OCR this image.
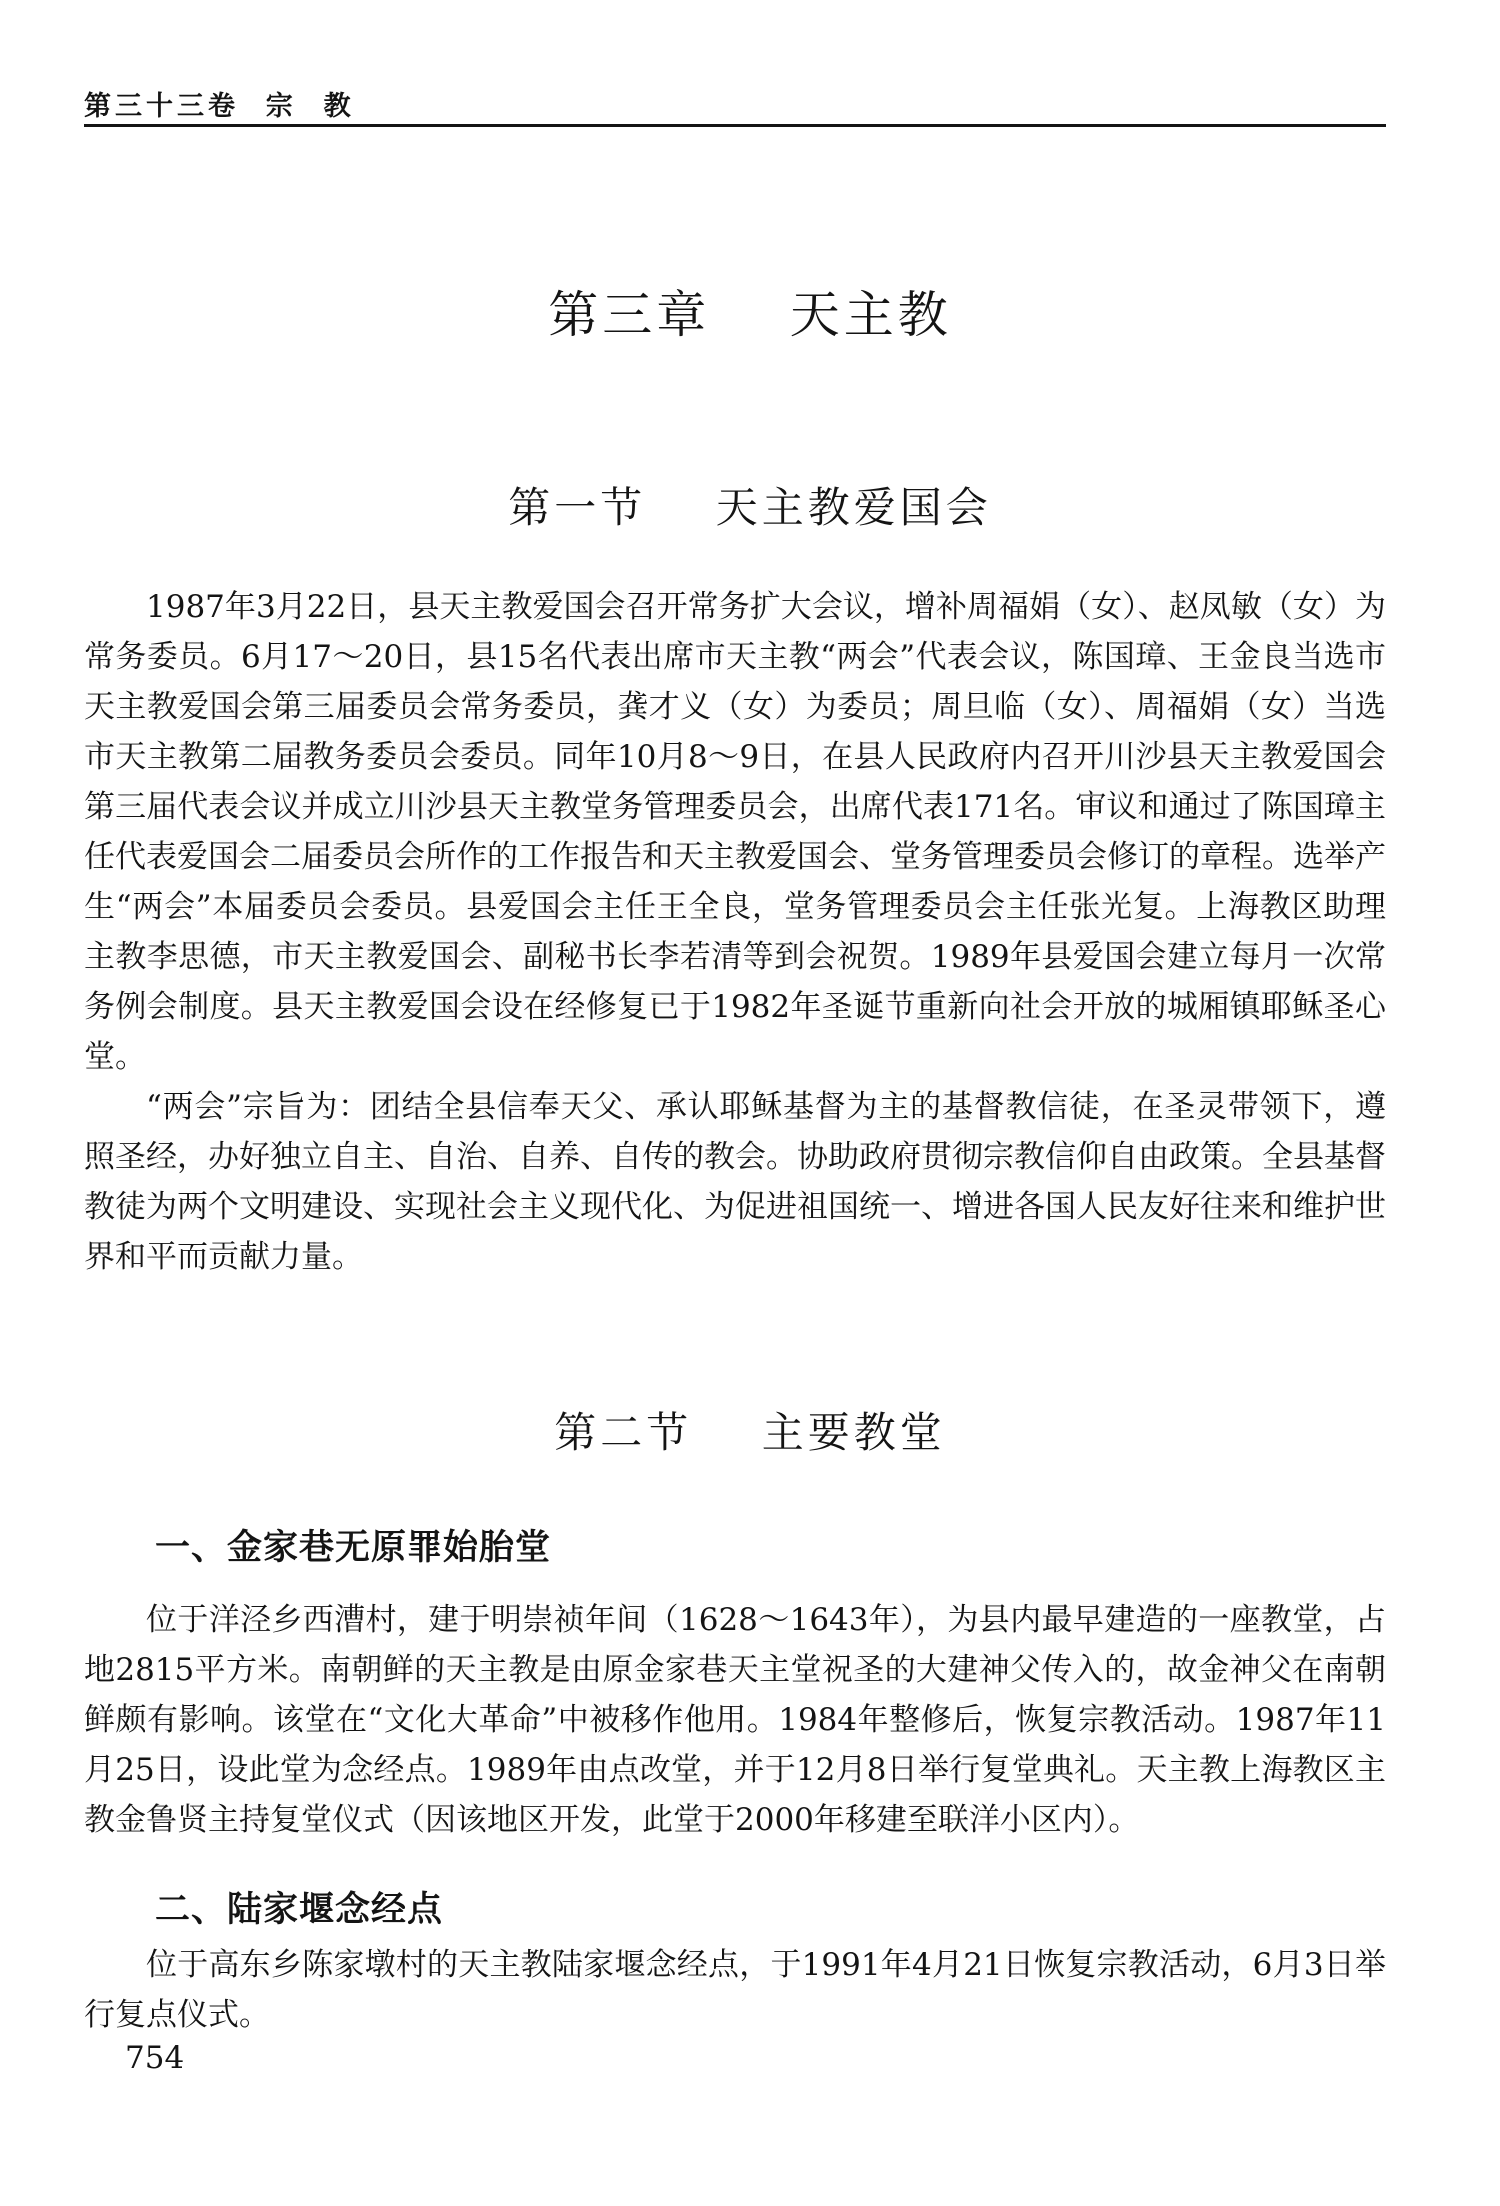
第三十三卷  宗  教
第三章    天主教
第一节    天主教爱国会

1987年3月22日，县天主教爱国会召开常务扩大会议，增补周福娟（女）、赵凤敏（女）为常务委员。6月17～20日，县15名代表出席市天主教“两会”代表会议，陈国璋、王金良当选市天主教爱国会第三届委员会常务委员，龚才义（女）为委员；周旦临（女）、周福娟（女）当选市天主教第二届教务委员会委员。同年10月8～9日，在县人民政府内召开川沙县天主教爱国会第三届代表会议并成立川沙县天主教堂务管理委员会，出席代表171名。审议和通过了陈国璋主任代表爱国会二届委员会所作的工作报告和天主教爱国会、堂务管理委员会修订的章程。选举产生“两会”本届委员会委员。县爱国会主任王全良，堂务管理委员会主任张光复。上海教区助理主教李思德，市天主教爱国会、副秘书长李若清等到会祝贺。1989年县爱国会建立每月一次常务例会制度。县天主教爱国会设在经修复已于1982年圣诞节重新向社会开放的城厢镇耶稣圣心堂。

“两会”宗旨为：团结全县信奉天父、承认耶稣基督为主的基督教信徒，在圣灵带领下，遵照圣经，办好独立自主、自治、自养、自传的教会。协助政府贯彻宗教信仰自由政策。全县基督教徒为两个文明建设、实现社会主义现代化、为促进祖国统一、增进各国人民友好往来和维护世界和平而贡献力量。

第二节    主要教堂
一、金家巷无原罪始胎堂

位于洋泾乡西漕村，建于明崇祯年间（1628～1643年），为县内最早建造的一座教堂，占地2815平方米。南朝鲜的天主教是由原金家巷天主堂祝圣的大建神父传入的，故金神父在南朝鲜颇有影响。该堂在“文化大革命”中被移作他用。1984年整修后，恢复宗教活动。1987年11月25日，设此堂为念经点。1989年由点改堂，并于12月8日举行复堂典礼。天主教上海教区主教金鲁贤主持复堂仪式（因该地区开发，此堂于2000年移建至联洋小区内）。

二、陆家堰念经点

位于高东乡陈家墩村的天主教陆家堰念经点，于1991年4月21日恢复宗教活动，6月3日举行复点仪式。

754
